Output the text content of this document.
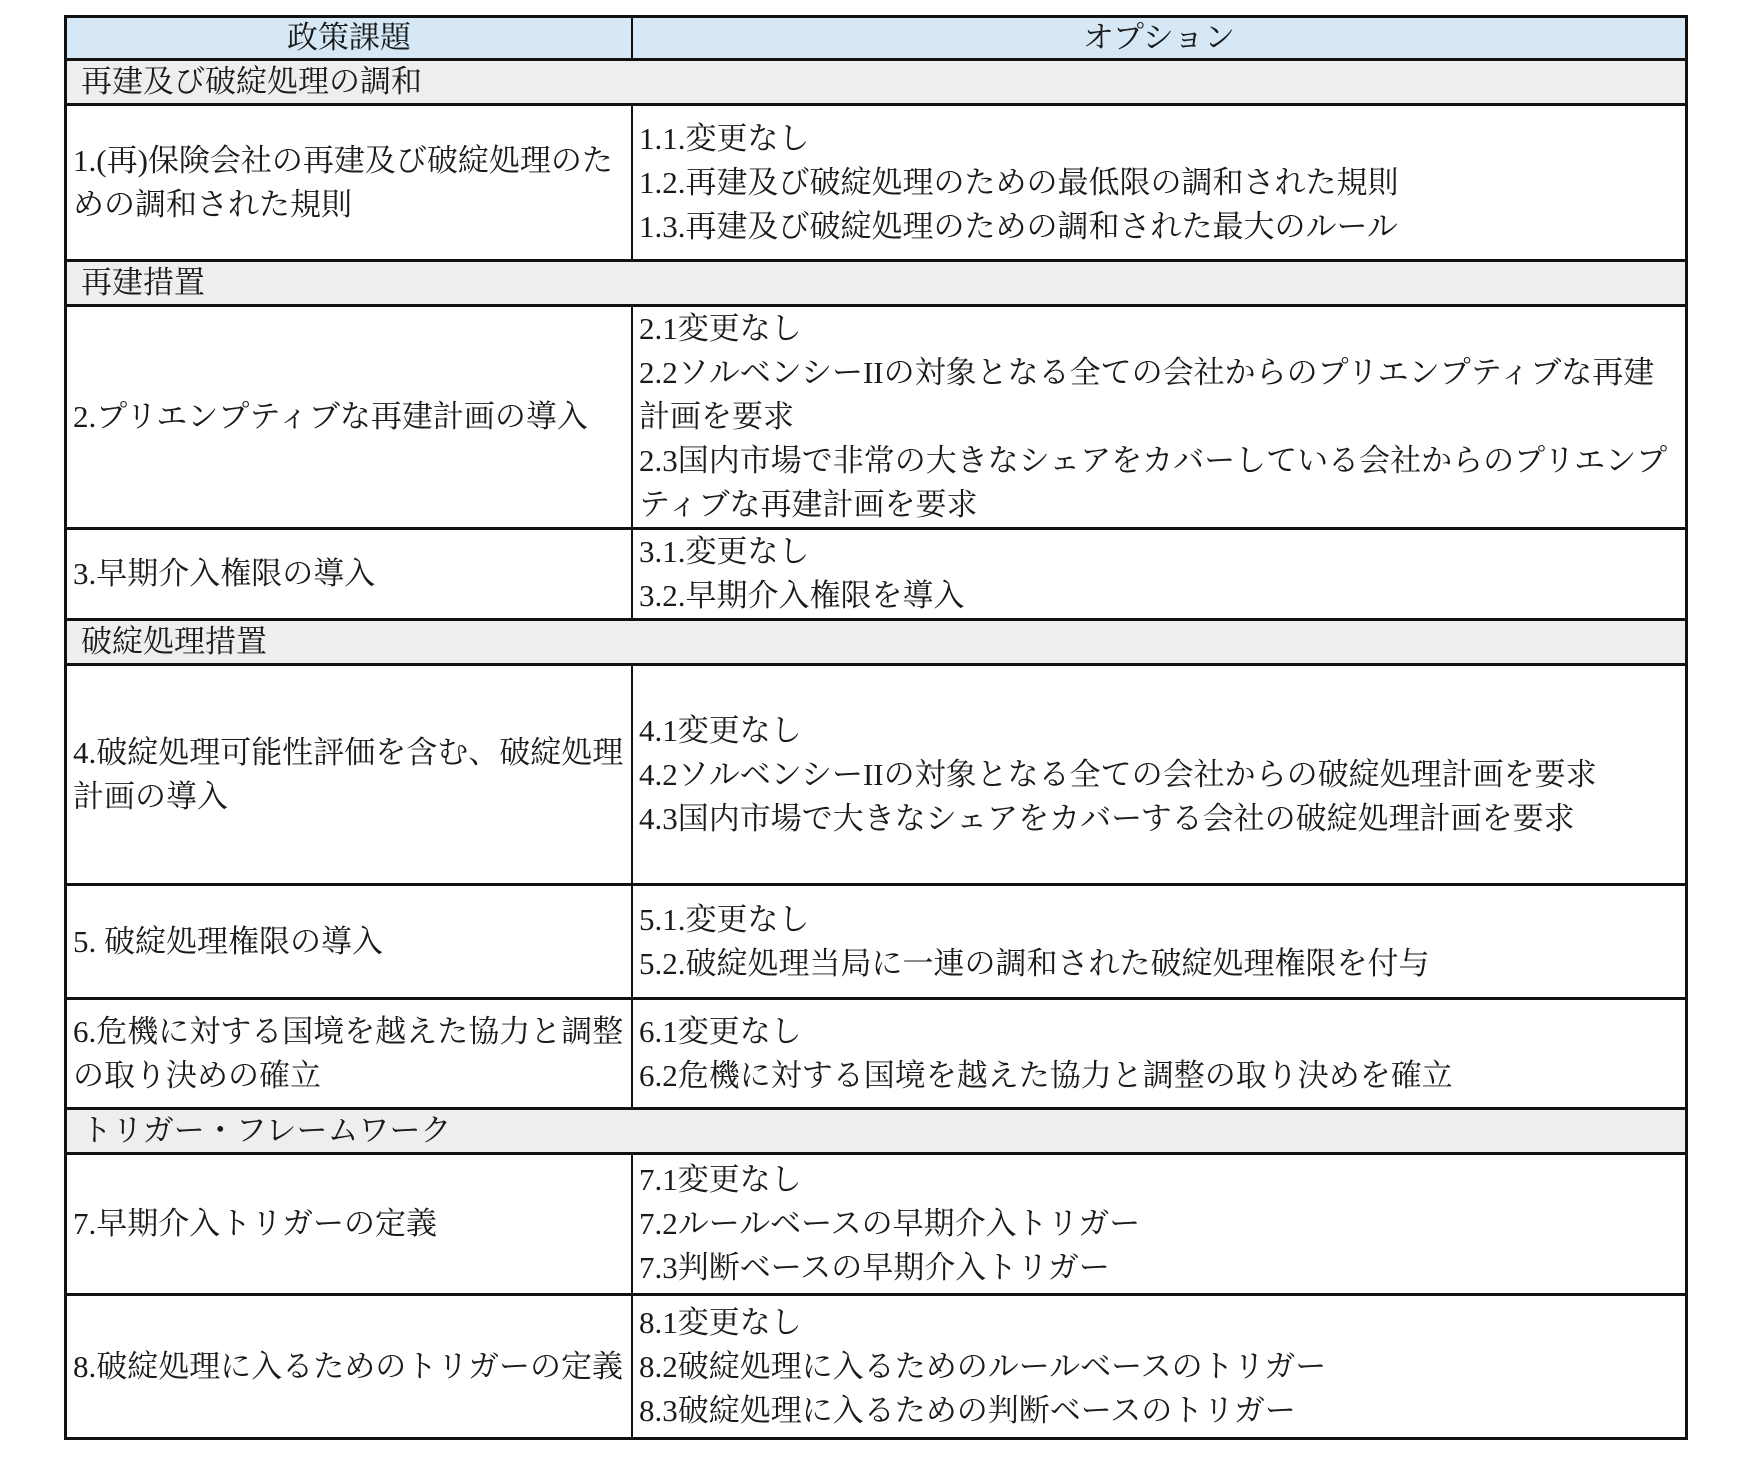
政策課題	オプション
再建及び破綻処理の調和	
1.(再)保険会社の再建及び破綻処理のための調和された規則	1.1.変更なし
1.2.再建及び破綻処理のための最低限の調和された規則
1.3.再建及び破綻処理のための調和された最大のルール

再建措置	
2.プリエンプティブな再建計画の導入	2.1変更なし
2.2ソルベンシーIIの対象となる全ての会社からのプリエンプティブな再建計画を要求
2.3国内市場で非常の大きなシェアをカバーしている会社からのプリエンプティブな再建計画を要求

3.早期介入権限の導入	3.1.変更なし
3.2.早期介入権限を導入

破綻処理措置	
4.破綻処理可能性評価を含む、破綻処理計画の導入	4.1変更なし
4.2ソルベンシーIIの対象となる全ての会社からの破綻処理計画を要求
4.3国内市場で大きなシェアをカバーする会社の破綻処理計画を要求

5. 破綻処理権限の導入	5.1.変更なし
5.2.破綻処理当局に一連の調和された破綻処理権限を付与

6.危機に対する国境を越えた協力と調整の取り決めの確立	6.1変更なし
6.2危機に対する国境を越えた協力と調整の取り決めを確立

トリガー・フレームワーク	
7.早期介入トリガーの定義	7.1変更なし
7.2ルールベースの早期介入トリガー
7.3判断ベースの早期介入トリガー

8.破綻処理に入るためのトリガーの定義	8.1変更なし
8.2破綻処理に入るためのルールベースのトリガー
8.3破綻処理に入るための判断ベースのトリガー
